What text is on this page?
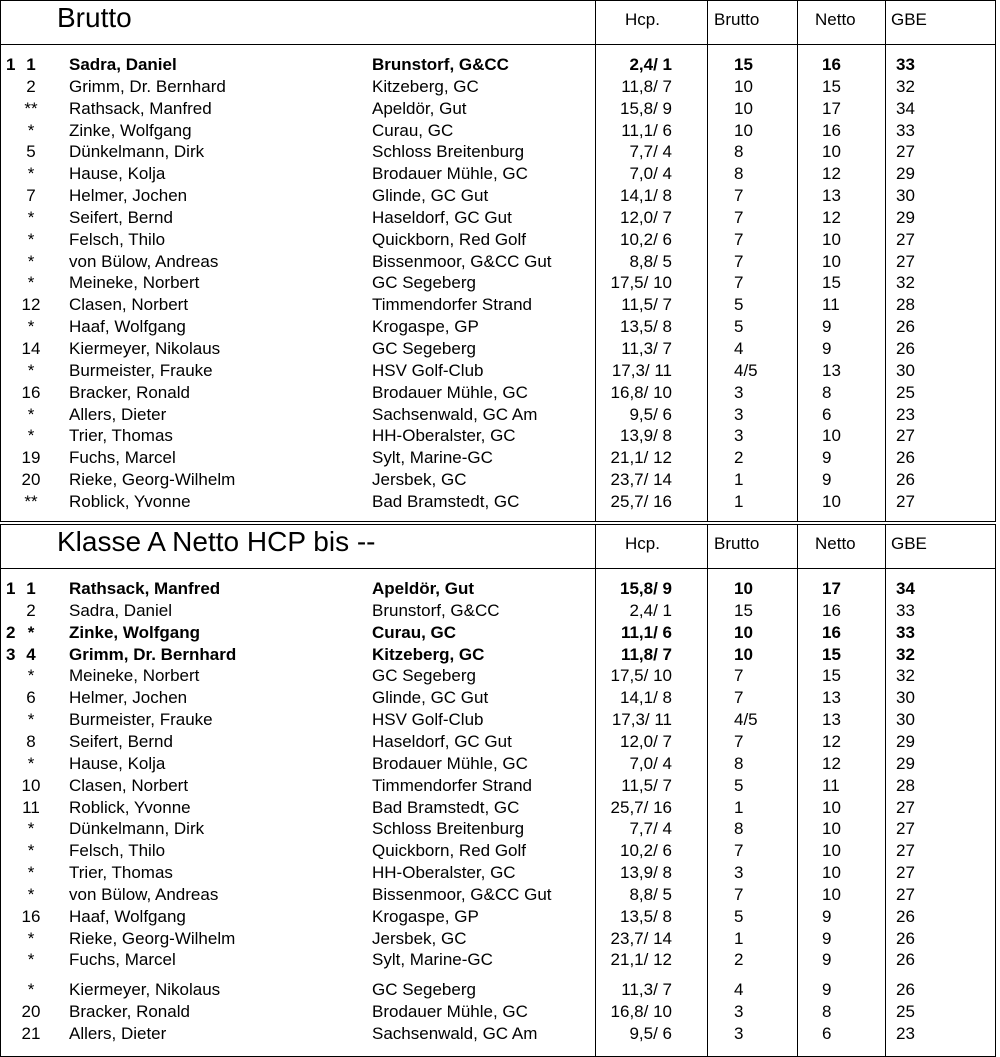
Brutto	Hcp.	Brutto	Netto GBE
1 1	Sadra, Daniel	Brunstorf, G&CC	2,4/ 1	15	16	33
2	Grimm, Dr. Bernhard	Kitzeberg, GC	11,8/ 7	10	15	32
**	Rathsack, Manfred	Apeldör, Gut	15,8/ 9	10	17	34
*	Zinke, Wolfgang	Curau, GC	11,1/ 6	10	16	33
5	Dünkelmann, Dirk	Schloss Breitenburg	7,7/ 4	8	10	27
*	Hause, Kolja	Brodauer Mühle, GC	7,0/ 4	8	12	29
7	Helmer, Jochen	Glinde, GC Gut	14,1/ 8	7	13	30
*	Seifert, Bernd	Haseldorf, GC Gut	12,0/ 7	7	12	29
*	Felsch, Thilo	Quickborn, Red Golf	10,2/ 6	7	10	27
*	von Bülow, Andreas	Bissenmoor, G&CC Gut	8,8/ 5	7	10	27
*	Meineke, Norbert	GC Segeberg	17,5/ 10	7	15	32
12 Clasen, Norbert	Timmendorfer Strand	11,5/ 7	5	11	28
*	Haaf, Wolfgang	Krogaspe, GP	13,5/ 8	5	9	26
14 Kiermeyer, Nikolaus	GC Segeberg	11,3/ 7	4	9	26
*	Burmeister, Frauke	HSV Golf-Club	17,3/ 11	4/5	13	30
16 Bracker, Ronald	Brodauer Mühle, GC	16,8/ 10	3	8	25
*	Allers, Dieter	Sachsenwald, GC Am	9,5/ 6	3	6	23
*	Trier, Thomas	HH-Oberalster, GC	13,9/ 8	3	10	27
19 Fuchs, Marcel	Sylt, Marine-GC	21,1/ 12	2	9	26
20 Rieke, Georg-Wilhelm	Jersbek, GC	23,7/ 14	1	9	26
**	Roblick, Yvonne	Bad Bramstedt, GC	25,7/ 16	1	10	27
Klasse A Netto HCP bis --	Hcp.	Brutto	Netto GBE
1 1	Rathsack, Manfred	Apeldör, Gut	15,8/ 9	10	17	34
2	Sadra, Daniel	Brunstorf, G&CC	2,4/ 1	15	16	33
2 *	Zinke, Wolfgang	Curau, GC	11,1/ 6	10	16	33
3 4	Grimm, Dr. Bernhard	Kitzeberg, GC	11,8/ 7	10	15	32
*	Meineke, Norbert	GC Segeberg	17,5/ 10	7	15	32
6	Helmer, Jochen	Glinde, GC Gut	14,1/ 8	7	13	30
*	Burmeister, Frauke	HSV Golf-Club	17,3/ 11	4/5	13	30
8	Seifert, Bernd	Haseldorf, GC Gut	12,0/ 7	7	12	29
*	Hause, Kolja	Brodauer Mühle, GC	7,0/ 4	8	12	29
10 Clasen, Norbert	Timmendorfer Strand	11,5/ 7	5	11	28
11 Roblick, Yvonne	Bad Bramstedt, GC	25,7/ 16	1	10	27
*	Dünkelmann, Dirk	Schloss Breitenburg	7,7/ 4	8	10	27
*	Felsch, Thilo	Quickborn, Red Golf	10,2/ 6	7	10	27
*	Trier, Thomas	HH-Oberalster, GC	13,9/ 8	3	10	27
*	von Bülow, Andreas	Bissenmoor, G&CC Gut	8,8/ 5	7	10	27
16 Haaf, Wolfgang	Krogaspe, GP	13,5/ 8	5	9	26
*	Rieke, Georg-Wilhelm	Jersbek, GC	23,7/ 14	1	9	26
*	Fuchs, Marcel	Sylt, Marine-GC	21,1/ 12	2	9	26
*	Kiermeyer, Nikolaus	GC Segeberg	11,3/ 7	4	9	26
20 Bracker, Ronald	Brodauer Mühle, GC	16,8/ 10	3	8	25
21 Allers, Dieter	Sachsenwald, GC Am	9,5/ 6	3	6	23
